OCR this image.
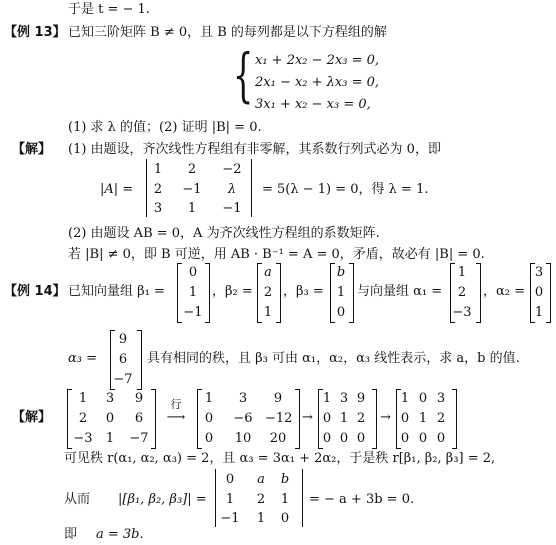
于是 t = − 1.
【例 13】 已知三阶矩阵 B ≠ 0，且 B 的每列都是以下方程组的解
{ x₁ + 2x₂ − 2x₃ = 0,
2x₁ − x₂ + λx₃ = 0,
3x₁ + x₂ − x₃ = 0,
(1) 求 λ 的值；(2) 证明 |B| = 0.
【解】 (1) 由题设，齐次线性方程组有非零解，其系数行列式必为 0，即
|A| =
1	2	−2
2	−1	λ
3	1	−1
= 5(λ − 1) = 0，得 λ = 1.
(2) 由题设 AB = 0，A 为齐次线性方程组的系数矩阵.
若 |B| ≠ 0，即 B 可逆，用 AB · B⁻¹ = A = 0，矛盾，故必有 |B| = 0.
【例 14】 已知向量组 β₁ =
0
1
−1
，β₂ =
a
2
1
，β₃ =
b
1
0
与向量组 α₁ =
1
2
−3
，α₂ =
3
0
1
α₃ =
9
6
−7
具有相同的秩，且 β₃ 可由 α₁，α₂，α₃ 线性表示，求 a，b 的值.
【解】
1	3	9
2	0	6
−3	1	−7
行
⟶
1	3	9
0	−6 −12
0	10	20
→
1 3 9
0 1 2
0 0 0
→
1 0 3
0 1 2
0 0 0
可见秩 r(α₁, α₂, α₃) = 2，且 α₃ = 3α₁ + 2α₂，于是秩 r[β₁, β₂, β₃] = 2,
从而 |[β₁, β₂, β₃]| =
0	a	b
1	2	1
−1	1	0
= − a + 3b = 0.
即 a = 3b.
